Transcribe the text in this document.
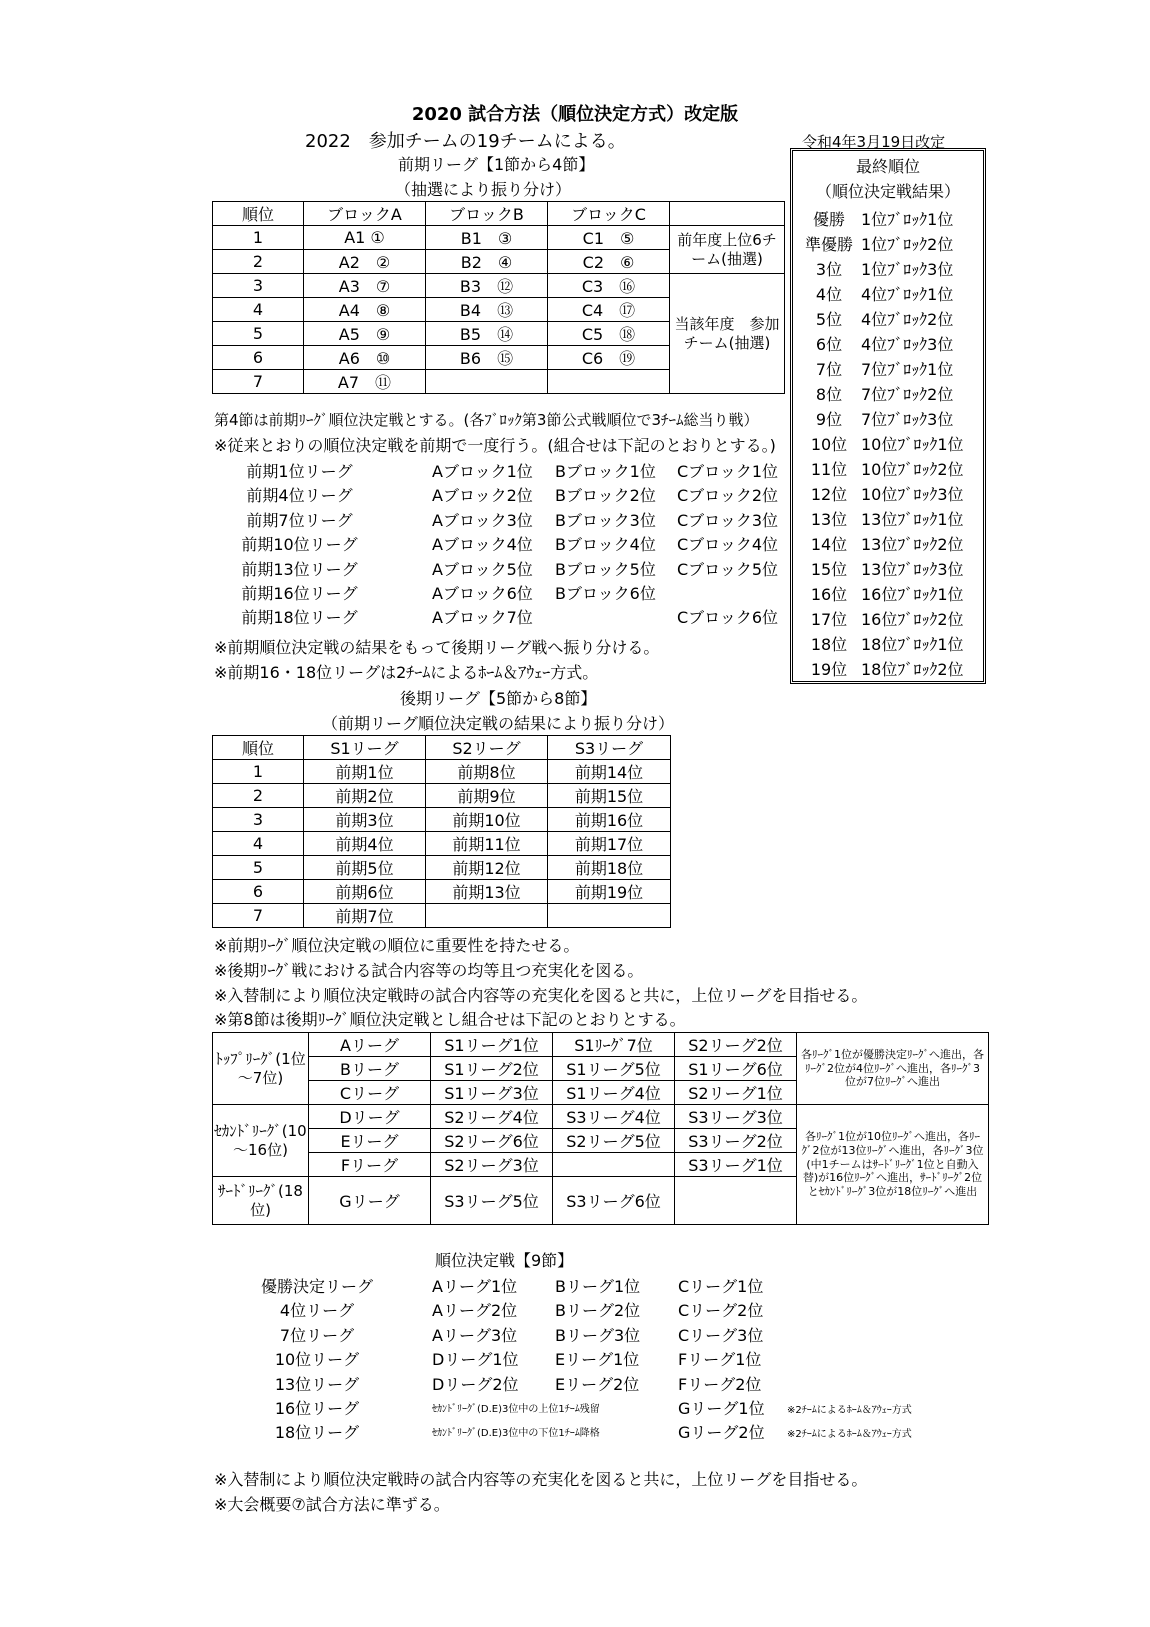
2020 試合方法（順位決定方式）改定版
2022　参加チームの19チームによる。	令和4年3月19日改定
前期リーグ【1節から4節】
（抽選により振り分け）
順位	ブロックA	ブロックB	ブロックC	
1	A1 ①	B1　③	C1　⑤	前年度上位6チーム(抽選)
2	A2　②	B2　④	C2　⑥	
3	A3　⑦	B3　⑫	C3　⑯	当該年度　参加チーム(抽選)
4	A4　⑧	B4　⑬	C4　⑰	
5	A5　⑨	B5　⑭	C5　⑱	
6	A6　⑩	B6　⑮	C6　⑲	
7	A7　⑪			
最終順位
（順位決定戦結果）
優勝	1位ﾌﾞﾛｯｸ1位
準優勝 1位ﾌﾞﾛｯｸ2位
3位	1位ﾌﾞﾛｯｸ3位
4位	4位ﾌﾞﾛｯｸ1位
5位	4位ﾌﾞﾛｯｸ2位
6位	4位ﾌﾞﾛｯｸ3位
7位	7位ﾌﾞﾛｯｸ1位
8位	7位ﾌﾞﾛｯｸ2位
9位	7位ﾌﾞﾛｯｸ3位
10位 10位ﾌﾞﾛｯｸ1位
11位 10位ﾌﾞﾛｯｸ2位
12位 10位ﾌﾞﾛｯｸ3位
13位 13位ﾌﾞﾛｯｸ1位
14位 13位ﾌﾞﾛｯｸ2位
15位 13位ﾌﾞﾛｯｸ3位
16位 16位ﾌﾞﾛｯｸ1位
17位 16位ﾌﾞﾛｯｸ2位
18位 18位ﾌﾞﾛｯｸ1位
19位 18位ﾌﾞﾛｯｸ2位
第4節は前期ﾘｰｸﾞ順位決定戦とする。(各ﾌﾞﾛｯｸ第3節公式戦順位で3ﾁｰﾑ総当り戦）
※従来とおりの順位決定戦を前期で一度行う。(組合せは下記のとおりとする。)
前期1位リーグ	Aブロック1位 Bブロック1位 Cブロック1位
前期4位リーグ	Aブロック2位 Bブロック2位 Cブロック2位
前期7位リーグ	Aブロック3位 Bブロック3位 Cブロック3位
前期10位リーグ	Aブロック4位 Bブロック4位 Cブロック4位
前期13位リーグ	Aブロック5位 Bブロック5位 Cブロック5位
前期16位リーグ	Aブロック6位 Bブロック6位
前期18位リーグ	Aブロック7位	Cブロック6位
※前期順位決定戦の結果をもって後期リーグ戦へ振り分ける。
※前期16・18位リーグは2ﾁｰﾑによるﾎｰﾑ＆ｱｳｪｰ方式。
後期リーグ【5節から8節】
（前期リーグ順位決定戦の結果により振り分け）
順位	S1リーグ	S2リーグ	S3リーグ
1	前期1位	前期8位	前期14位
2	前期2位	前期9位	前期15位
3	前期3位	前期10位	前期16位
4	前期4位	前期11位	前期17位
5	前期5位	前期12位	前期18位
6	前期6位	前期13位	前期19位
7	前期7位		
※前期ﾘｰｸﾞ順位決定戦の順位に重要性を持たせる。
※後期ﾘｰｸﾞ戦における試合内容等の均等且つ充実化を図る。
※入替制により順位決定戦時の試合内容等の充実化を図ると共に，上位リーグを目指せる。
※第8節は後期ﾘｰｸﾞ順位決定戦とし組合せは下記のとおりとする。
ﾄｯﾌﾟﾘｰｸﾞ(1位～7位)	Aリーグ	S1リーグ1位	S1ﾘｰｸﾞ7位	S2リーグ2位	各ﾘｰｸﾞ1位が優勝決定ﾘｰｸﾞへ進出，各ﾘｰｸﾞ2位が4位ﾘｰｸﾞへ進出，各ﾘｰｸﾞ3位が7位ﾘｰｸﾞへ進出
	Bリーグ	S1リーグ2位	S1リーグ5位	S1リーグ6位	
	Cリーグ	S1リーグ3位	S1リーグ4位	S2リーグ1位	
ｾｶﾝﾄﾞﾘｰｸﾞ(10～16位)	Dリーグ	S2リーグ4位	S3リーグ4位	S3リーグ3位	各ﾘｰｸﾞ1位が10位ﾘｰｸﾞへ進出，各ﾘｰｸﾞ2位が13位ﾘｰｸﾞへ進出，各ﾘｰｸﾞ3位(中1チームはｻｰﾄﾞﾘｰｸﾞ1位と自動入替)が16位ﾘｰｸﾞへ進出，ｻｰﾄﾞﾘｰｸﾞ2位とｾｶﾝﾄﾞﾘｰｸﾞ3位が18位ﾘｰｸﾞへ進出
	Eリーグ	S2リーグ6位	S2リーグ5位	S3リーグ2位	
	Fリーグ	S2リーグ3位		S3リーグ1位	
ｻｰﾄﾞﾘｰｸﾞ(18位)	Gリーグ	S3リーグ5位	S3リーグ6位		
順位決定戦【9節】
優勝決定リーグ	Aリーグ1位 Bリーグ1位 Cリーグ1位
4位リーグ	Aリーグ2位 Bリーグ2位 Cリーグ2位
7位リーグ	Aリーグ3位 Bリーグ3位 Cリーグ3位
10位リーグ	Dリーグ1位 Eリーグ1位 Fリーグ1位
13位リーグ	Dリーグ2位 Eリーグ2位 Fリーグ2位
16位リーグ	ｾｶﾝﾄﾞﾘｰｸﾞ(D.E)3位中の上位1ﾁｰﾑ残留	Gリーグ1位 ※2ﾁｰﾑによるﾎｰﾑ＆ｱｳｪｰ方式
18位リーグ	ｾｶﾝﾄﾞﾘｰｸﾞ(D.E)3位中の下位1ﾁｰﾑ降格	Gリーグ2位 ※2ﾁｰﾑによるﾎｰﾑ＆ｱｳｪｰ方式
※入替制により順位決定戦時の試合内容等の充実化を図ると共に，上位リーグを目指せる。
※大会概要⑦試合方法に準ずる。
